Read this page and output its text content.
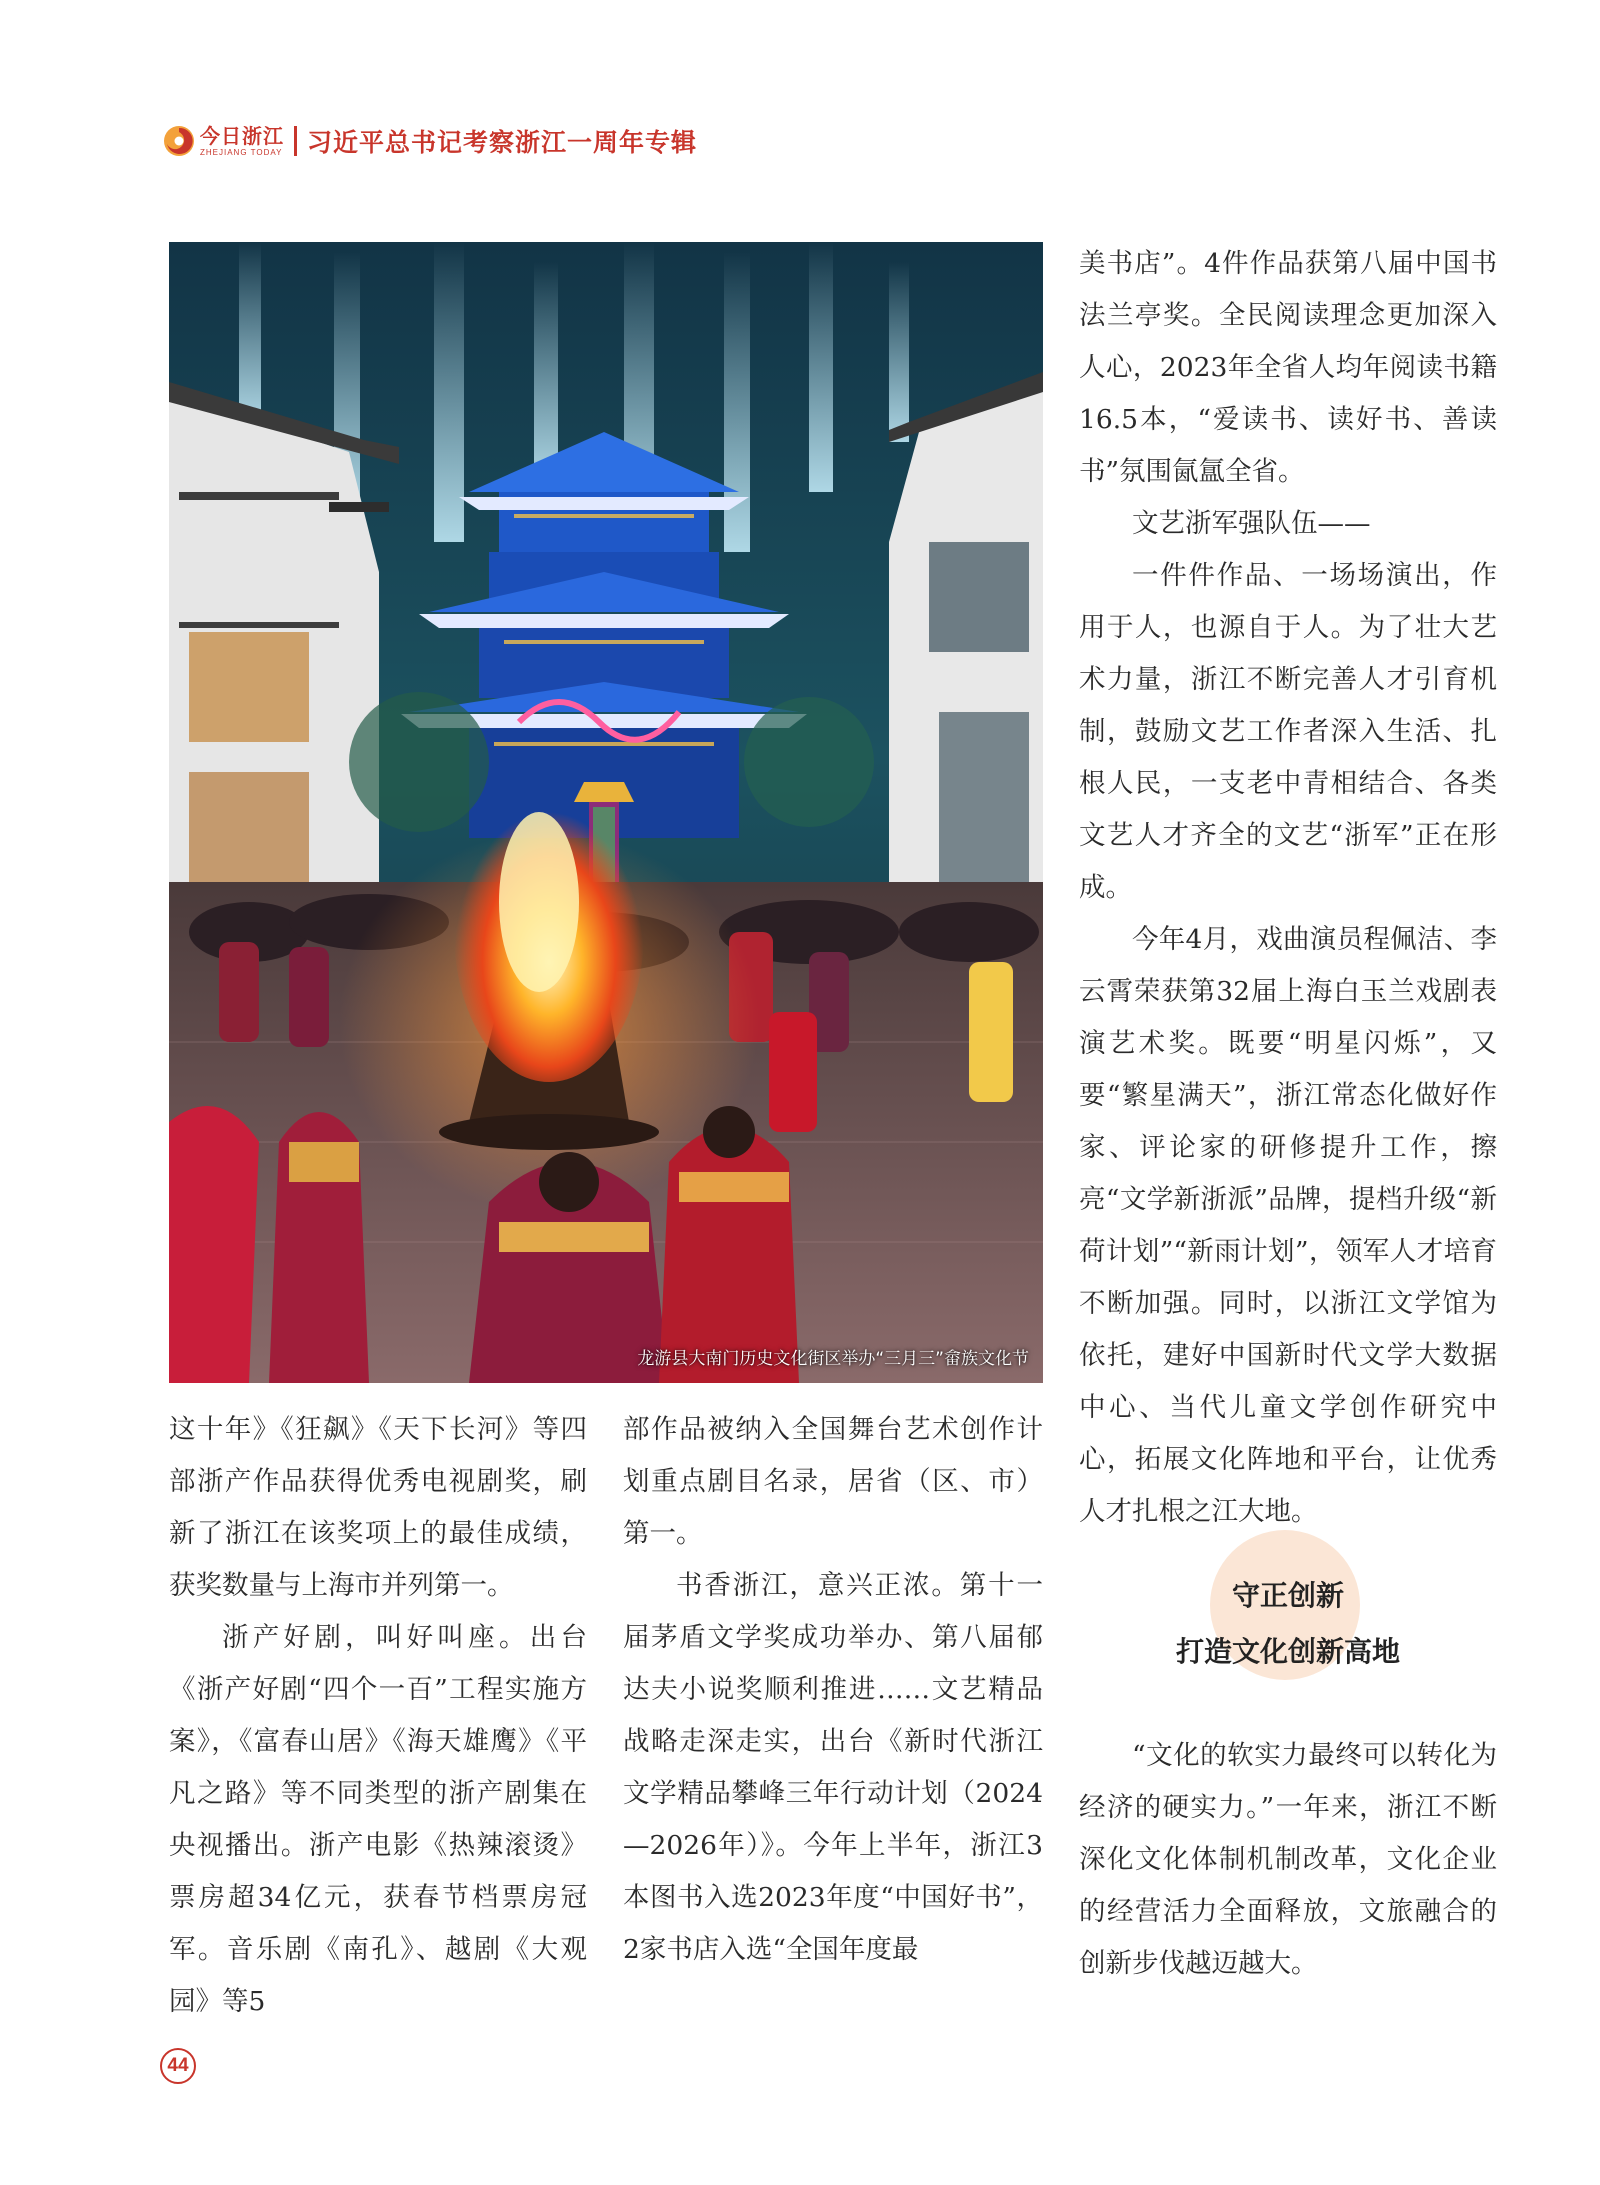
今日浙江
ZHEJIANG TODAY 习近平总书记考察浙江一周年专辑
龙游县大南门历史文化街区举办“三月三”畲族文化节

这十年》《狂飙》《天下长河》等四部浙产作品获得优秀电视剧奖，刷新了浙江在该奖项上的最佳成绩，获奖数量与上海市并列第一。

浙产好剧，叫好叫座。出台《浙产好剧“四个一百”工程实施方案》，《富春山居》《海天雄鹰》《平凡之路》等不同类型的浙产剧集在央视播出。浙产电影《热辣滚烫》票房超34亿元，获春节档票房冠军。音乐剧《南孔》、越剧《大观园》等5

部作品被纳入全国舞台艺术创作计划重点剧目名录，居省（区、市）第一。

书香浙江，意兴正浓。第十一届茅盾文学奖成功举办、第八届郁达夫小说奖顺利推进……文艺精品战略走深走实，出台《新时代浙江文学精品攀峰三年行动计划（2024—2026年）》。今年上半年，浙江3本图书入选2023年度“中国好书”，2家书店入选“全国年度最

美书店”。4件作品获第八届中国书法兰亭奖。全民阅读理念更加深入人心，2023年全省人均年阅读书籍16.5本，“爱读书、读好书、善读书”氛围氤氲全省。

文艺浙军强队伍——

一件件作品、一场场演出，作用于人，也源自于人。为了壮大艺术力量，浙江不断完善人才引育机制，鼓励文艺工作者深入生活、扎根人民，一支老中青相结合、各类文艺人才齐全的文艺“浙军”正在形成。

今年4月，戏曲演员程佩洁、李云霄荣获第32届上海白玉兰戏剧表演艺术奖。既要“明星闪烁”，又要“繁星满天”，浙江常态化做好作家、评论家的研修提升工作，擦亮“文学新浙派”品牌，提档升级“新荷计划”“新雨计划”，领军人才培育不断加强。同时，以浙江文学馆为依托，建好中国新时代文学大数据中心、当代儿童文学创作研究中心，拓展文化阵地和平台，让优秀人才扎根之江大地。

守正创新
打造文化创新高地

“文化的软实力最终可以转化为经济的硬实力。”一年来，浙江不断深化文化体制机制改革，文化企业的经营活力全面释放，文旅融合的创新步伐越迈越大。

44
